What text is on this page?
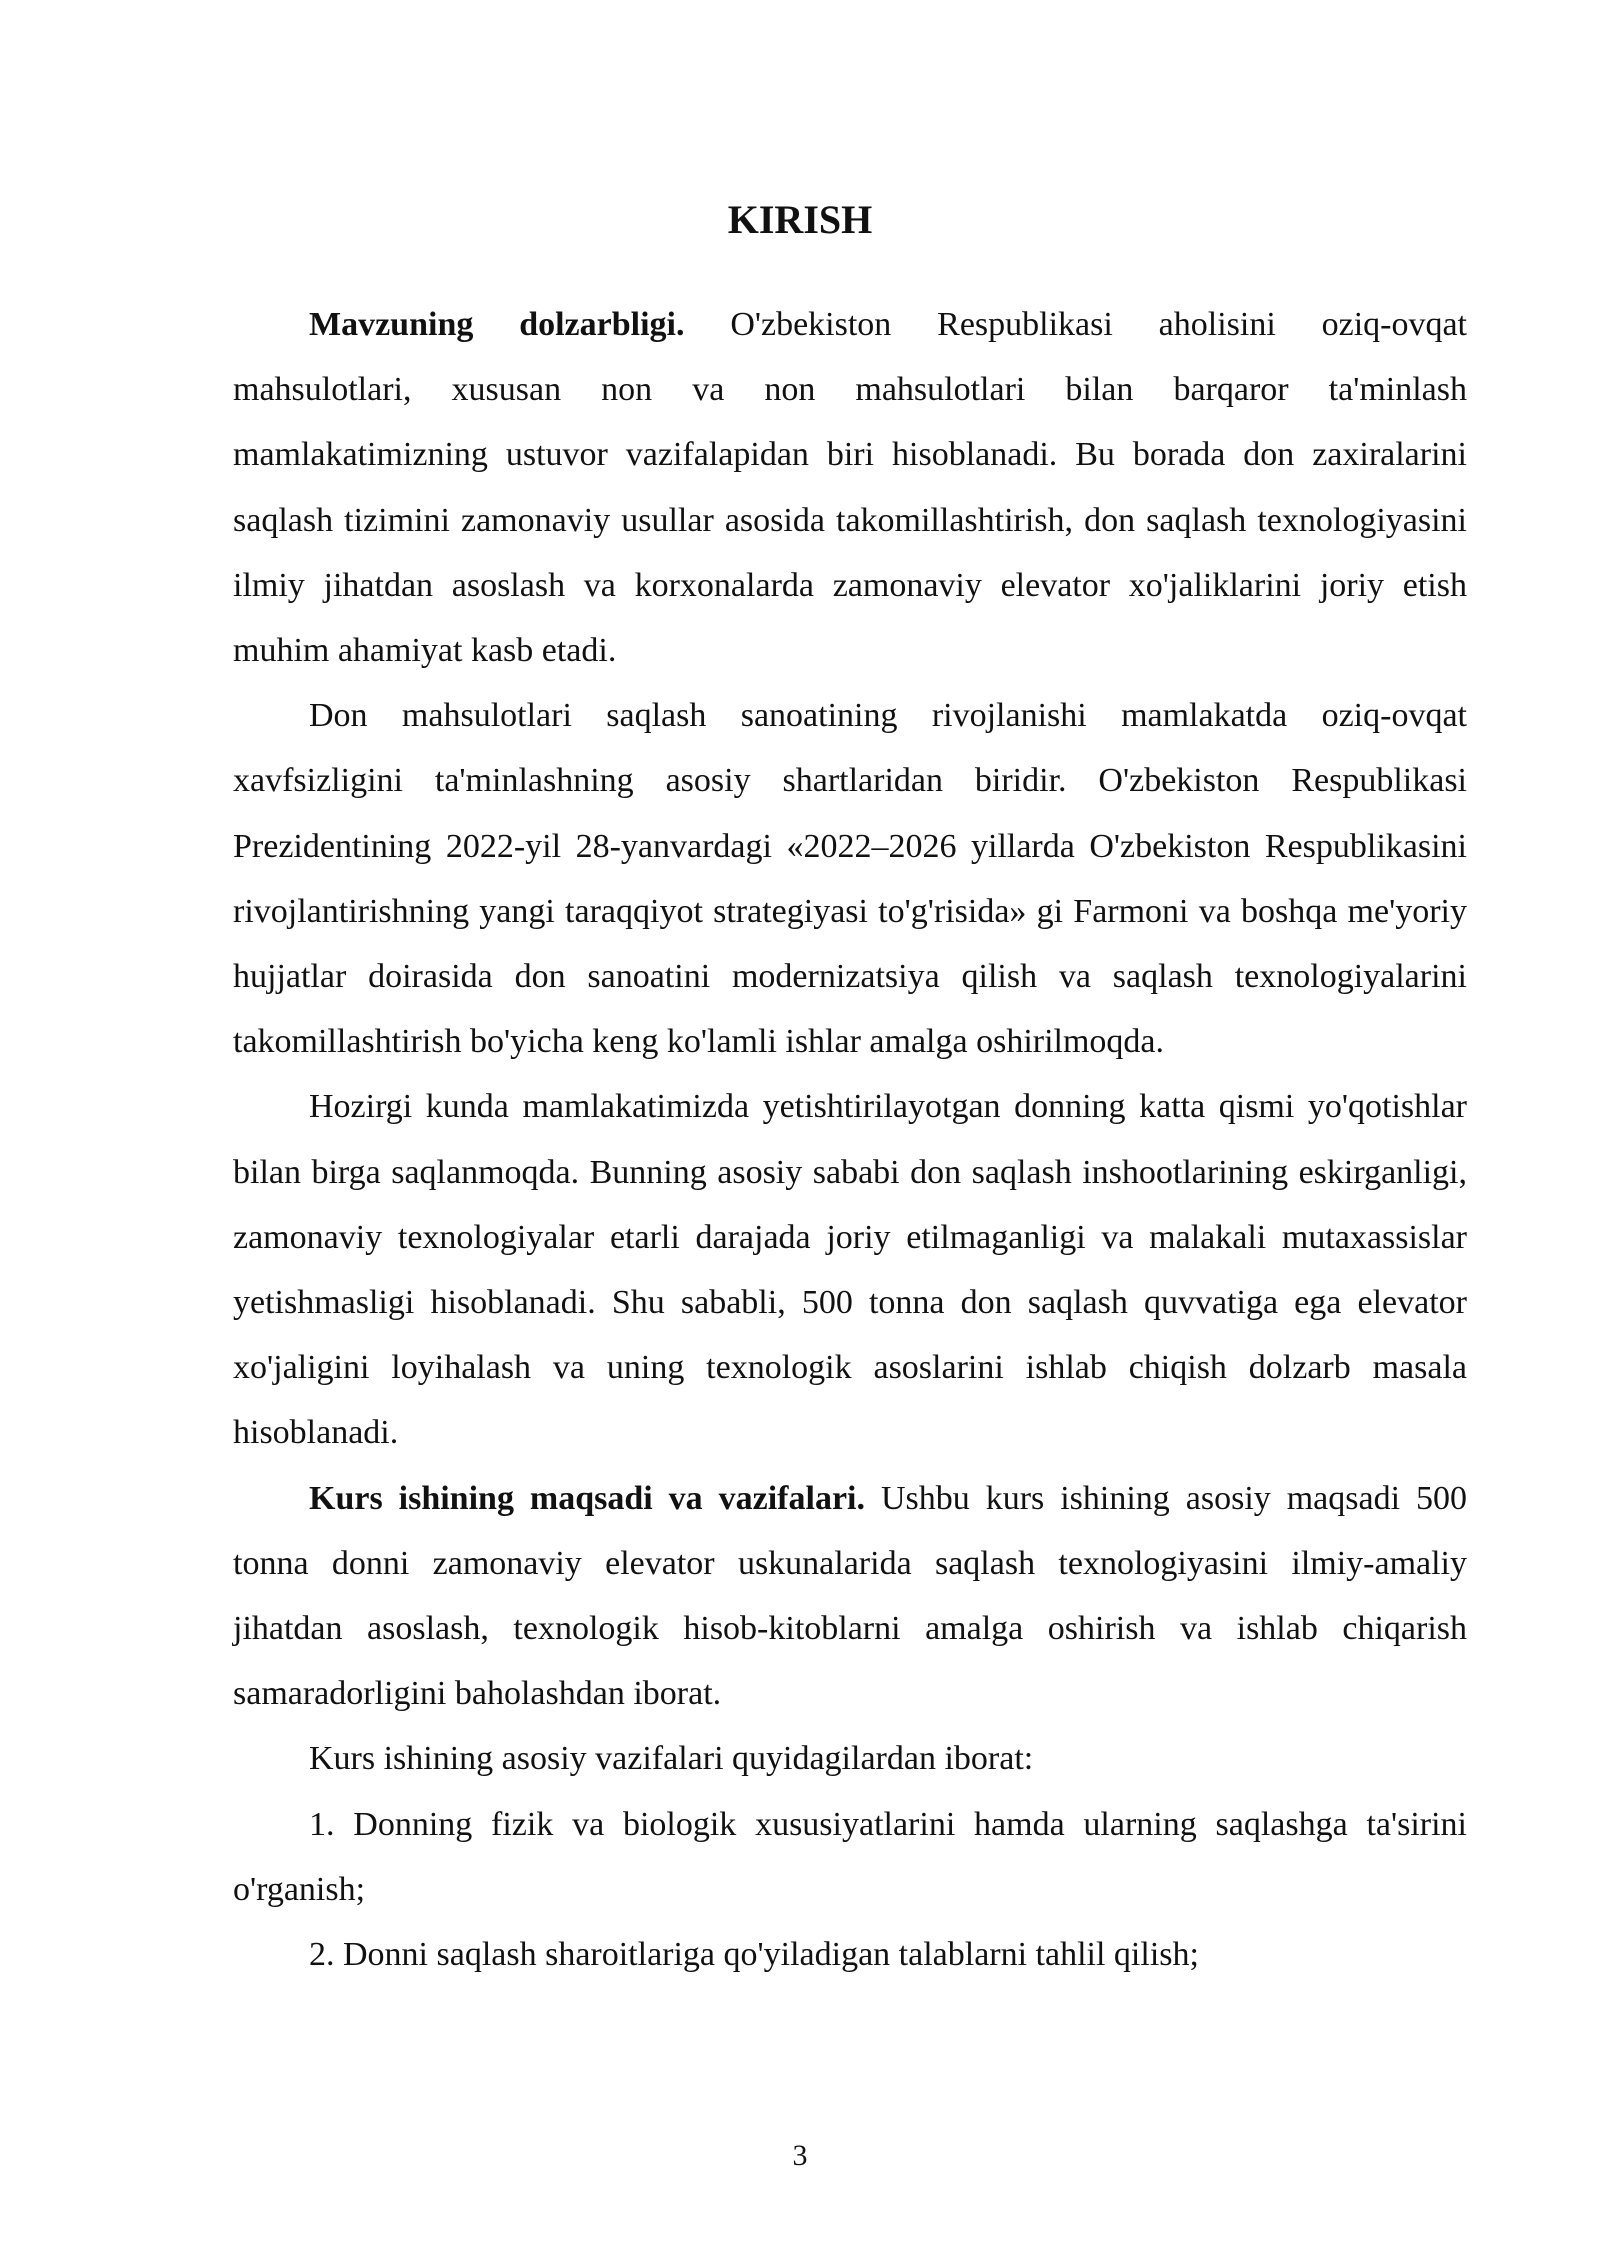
KIRISH

Mavzuning dolzarbligi. O'zbekiston Respublikasi aholisini oziq-ovqat mahsulotlari, xususan non va non mahsulotlari bilan barqaror ta'minlash mamlakatimizning ustuvor vazifalapidan biri hisoblanadi. Bu borada don zaxiralarini saqlash tizimini zamonaviy usullar asosida takomillashtirish, don saqlash texnologiyasini ilmiy jihatdan asoslash va korxonalarda zamonaviy elevator xo'jaliklarini joriy etish muhim ahamiyat kasb etadi.

Don mahsulotlari saqlash sanoatining rivojlanishi mamlakatda oziq-ovqat xavfsizligini ta'minlashning asosiy shartlaridan biridir. O'zbekiston Respublikasi Prezidentining 2022-yil 28-yanvardagi «2022–2026 yillarda O'zbekiston Respublikasini rivojlantirishning yangi taraqqiyot strategiyasi to'g'risida» gi Farmoni va boshqa me'yoriy hujjatlar doirasida don sanoatini modernizatsiya qilish va saqlash texnologiyalarini takomillashtirish bo'yicha keng ko'lamli ishlar amalga oshirilmoqda.

Hozirgi kunda mamlakatimizda yetishtirilayotgan donning katta qismi yo'qotishlar bilan birga saqlanmoqda. Bunning asosiy sababi don saqlash inshootlarining eskirganligi, zamonaviy texnologiyalar etarli darajada joriy etilmaganligi va malakali mutaxassislar yetishmasligi hisoblanadi. Shu sababli, 500 tonna don saqlash quvvatiga ega elevator xo'jaligini loyihalash va uning texnologik asoslarini ishlab chiqish dolzarb masala hisoblanadi.

Kurs ishining maqsadi va vazifalari. Ushbu kurs ishining asosiy maqsadi 500 tonna donni zamonaviy elevator uskunalarida saqlash texnologiyasini ilmiy-amaliy jihatdan asoslash, texnologik hisob-kitoblarni amalga oshirish va ishlab chiqarish samaradorligini baholashdan iborat.

Kurs ishining asosiy vazifalari quyidagilardan iborat:

1. Donning fizik va biologik xususiyatlarini hamda ularning saqlashga ta'sirini o'rganish;

2. Donni saqlash sharoitlariga qo'yiladigan talablarni tahlil qilish;

3
